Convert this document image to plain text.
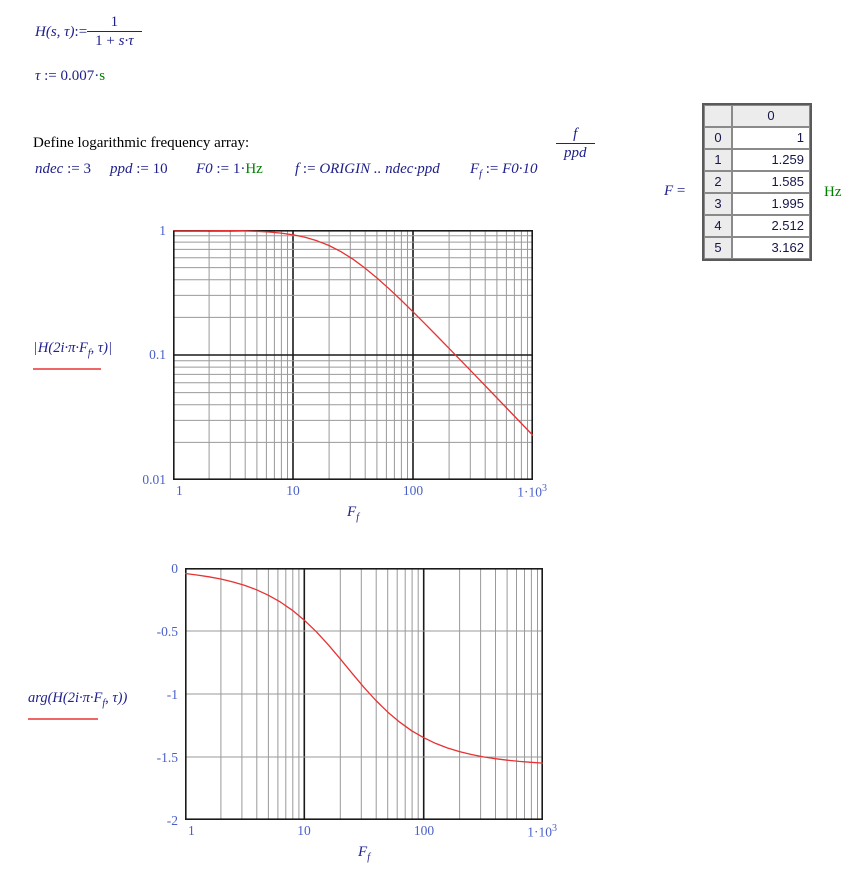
H(s, τ) := $\frac{1}{1 + s\cdot\tau}$
τ := 0.007·s
Define logarithmic frequency array:
ndec := 3 ppd := 10 F0 := 1·Hz f := ORIGIN .. ndec·ppd $F_f$ := F0·10
f
ppd
F =
0
0	1
1	1.259
2	1.585
3	1.995
4	2.512
5	3.162
Hz
$|H(2i\cdot\pi\cdot F_f$, τ)|
1
0.1
0.01
1	10	100	$1\cdot 10^3$
$F_f$
$arg(H(2i\cdot\pi\cdot F_f$, τ))
0
-0.5
-1
-1.5
-2
1	10	100	$1\cdot 10^3$
$F_f$
